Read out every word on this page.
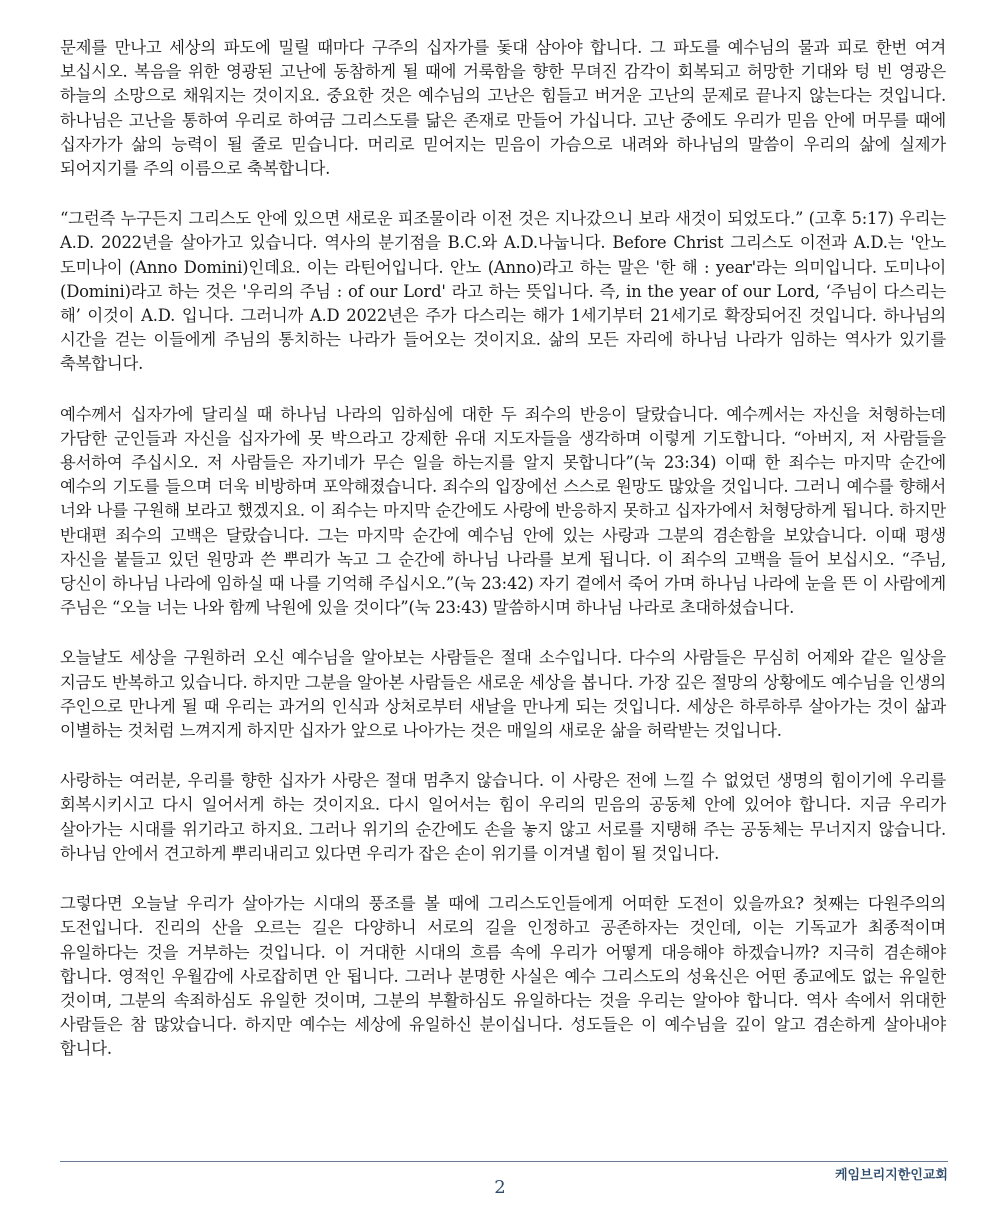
문제를 만나고 세상의 파도에 밀릴 때마다 구주의 십자가를 돛대 삼아야 합니다. 그 파도를 예수님의 물과 피로 한번 여겨 보십시오. 복음을 위한 영광된 고난에 동참하게 될 때에 거룩함을 향한 무뎌진 감각이 회복되고 허망한 기대와 텅 빈 영광은 하늘의 소망으로 채워지는 것이지요. 중요한 것은 예수님의 고난은 힘들고 버거운 고난의 문제로 끝나지 않는다는 것입니다. 하나님은 고난을 통하여 우리로 하여금 그리스도를 닮은 존재로 만들어 가십니다. 고난 중에도 우리가 믿음 안에 머무를 때에 십자가가 삶의 능력이 될 줄로 믿습니다. 머리로 믿어지는 믿음이 가슴으로 내려와 하나님의 말씀이 우리의 삶에 실제가 되어지기를 주의 이름으로 축복합니다.

“그런즉 누구든지 그리스도 안에 있으면 새로운 피조물이라 이전 것은 지나갔으니 보라 새것이 되었도다.” (고후 5:17) 우리는 A.D. 2022년을 살아가고 있습니다. 역사의 분기점을 B.C.와 A.D.나눕니다. Before Christ 그리스도 이전과 A.D.는 '안노 도미나이 (Anno Domini)인데요. 이는 라틴어입니다. 안노 (Anno)라고 하는 말은 '한 해 : year'라는 의미입니다. 도미나이 (Domini)라고 하는 것은 '우리의 주님 : of our Lord' 라고 하는 뜻입니다. 즉, in the year of our Lord, ‘주님이 다스리는 해’ 이것이 A.D. 입니다. 그러니까 A.D 2022년은 주가 다스리는 해가 1세기부터 21세기로 확장되어진 것입니다. 하나님의 시간을 걷는 이들에게 주님의 통치하는 나라가 들어오는 것이지요. 삶의 모든 자리에 하나님 나라가 임하는 역사가 있기를 축복합니다.

예수께서 십자가에 달리실 때 하나님 나라의 임하심에 대한 두 죄수의 반응이 달랐습니다. 예수께서는 자신을 처형하는데 가담한 군인들과 자신을 십자가에 못 박으라고 강제한 유대 지도자들을 생각하며 이렇게 기도합니다. “아버지, 저 사람들을 용서하여 주십시오. 저 사람들은 자기네가 무슨 일을 하는지를 알지 못합니다”(눅 23:34) 이때 한 죄수는 마지막 순간에 예수의 기도를 들으며 더욱 비방하며 포악해졌습니다. 죄수의 입장에선 스스로 원망도 많았을 것입니다. 그러니 예수를 향해서 너와 나를 구원해 보라고 했겠지요. 이 죄수는 마지막 순간에도 사랑에 반응하지 못하고 십자가에서 처형당하게 됩니다. 하지만 반대편 죄수의 고백은 달랐습니다. 그는 마지막 순간에 예수님 안에 있는 사랑과 그분의 겸손함을 보았습니다. 이때 평생 자신을 붙들고 있던 원망과 쓴 뿌리가 녹고 그 순간에 하나님 나라를 보게 됩니다. 이 죄수의 고백을 들어 보십시오. “주님, 당신이 하나님 나라에 임하실 때 나를 기억해 주십시오.”(눅 23:42) 자기 곁에서 죽어 가며 하나님 나라에 눈을 뜬 이 사람에게 주님은 “오늘 너는 나와 함께 낙원에 있을 것이다”(눅 23:43) 말씀하시며 하나님 나라로 초대하셨습니다.

오늘날도 세상을 구원하러 오신 예수님을 알아보는 사람들은 절대 소수입니다. 다수의 사람들은 무심히 어제와 같은 일상을 지금도 반복하고 있습니다. 하지만 그분을 알아본 사람들은 새로운 세상을 봅니다. 가장 깊은 절망의 상황에도 예수님을 인생의 주인으로 만나게 될 때 우리는 과거의 인식과 상처로부터 새날을 만나게 되는 것입니다. 세상은 하루하루 살아가는 것이 삶과 이별하는 것처럼 느껴지게 하지만 십자가 앞으로 나아가는 것은 매일의 새로운 삶을 허락받는 것입니다.

사랑하는 여러분, 우리를 향한 십자가 사랑은 절대 멈추지 않습니다. 이 사랑은 전에 느낄 수 없었던 생명의 힘이기에 우리를 회복시키시고 다시 일어서게 하는 것이지요. 다시 일어서는 힘이 우리의 믿음의 공동체 안에 있어야 합니다. 지금 우리가 살아가는 시대를 위기라고 하지요. 그러나 위기의 순간에도 손을 놓지 않고 서로를 지탱해 주는 공동체는 무너지지 않습니다. 하나님 안에서 견고하게 뿌리내리고 있다면 우리가 잡은 손이 위기를 이겨낼 힘이 될 것입니다.

그렇다면 오늘날 우리가 살아가는 시대의 풍조를 볼 때에 그리스도인들에게 어떠한 도전이 있을까요? 첫째는 다원주의의 도전입니다. 진리의 산을 오르는 길은 다양하니 서로의 길을 인정하고 공존하자는 것인데, 이는 기독교가 최종적이며 유일하다는 것을 거부하는 것입니다. 이 거대한 시대의 흐름 속에 우리가 어떻게 대응해야 하겠습니까? 지극히 겸손해야 합니다. 영적인 우월감에 사로잡히면 안 됩니다. 그러나 분명한 사실은 예수 그리스도의 성육신은 어떤 종교에도 없는 유일한 것이며, 그분의 속죄하심도 유일한 것이며, 그분의 부활하심도 유일하다는 것을 우리는 알아야 합니다. 역사 속에서 위대한 사람들은 참 많았습니다. 하지만 예수는 세상에 유일하신 분이십니다. 성도들은 이 예수님을 깊이 알고 겸손하게 살아내야 합니다.

케임브리지한인교회
2
